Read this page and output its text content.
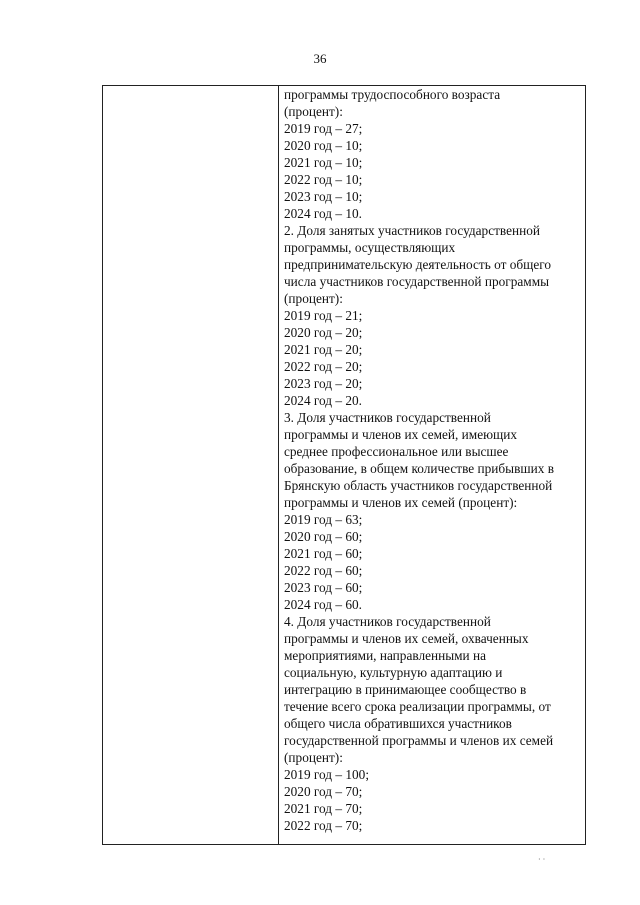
36
программы трудоспособного возраста
(процент):
2019 год – 27;
2020 год – 10;
2021 год – 10;
2022 год – 10;
2023 год – 10;
2024 год – 10.
2. Доля занятых участников государственной
программы, осуществляющих
предпринимательскую деятельность от общего
числа участников государственной программы
(процент):
2019 год – 21;
2020 год – 20;
2021 год – 20;
2022 год – 20;
2023 год – 20;
2024 год – 20.
3. Доля участников государственной
программы и членов их семей, имеющих
среднее профессиональное или высшее
образование, в общем количестве прибывших в
Брянскую область участников государственной
программы и членов их семей (процент):
2019 год – 63;
2020 год – 60;
2021 год – 60;
2022 год – 60;
2023 год – 60;
2024 год – 60.
4. Доля участников государственной
программы и членов их семей, охваченных
мероприятиями, направленными на
социальную, культурную адаптацию и
интеграцию в принимающее сообщество в
течение всего срока реализации программы, от
общего числа обратившихся участников
государственной программы и членов их семей
(процент):
2019 год – 100;
2020 год – 70;
2021 год – 70;
2022 год – 70;
· ·
